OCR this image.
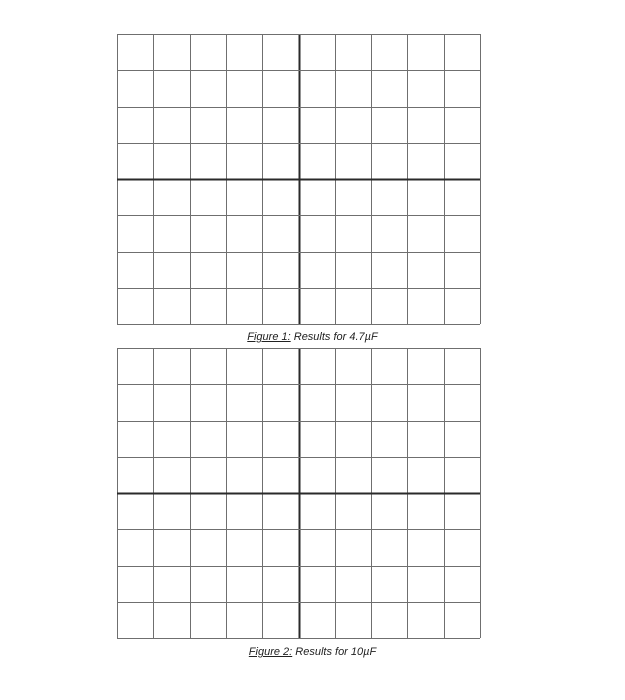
Figure 1: Results for 4.7µF
Figure 2: Results for 10µF
